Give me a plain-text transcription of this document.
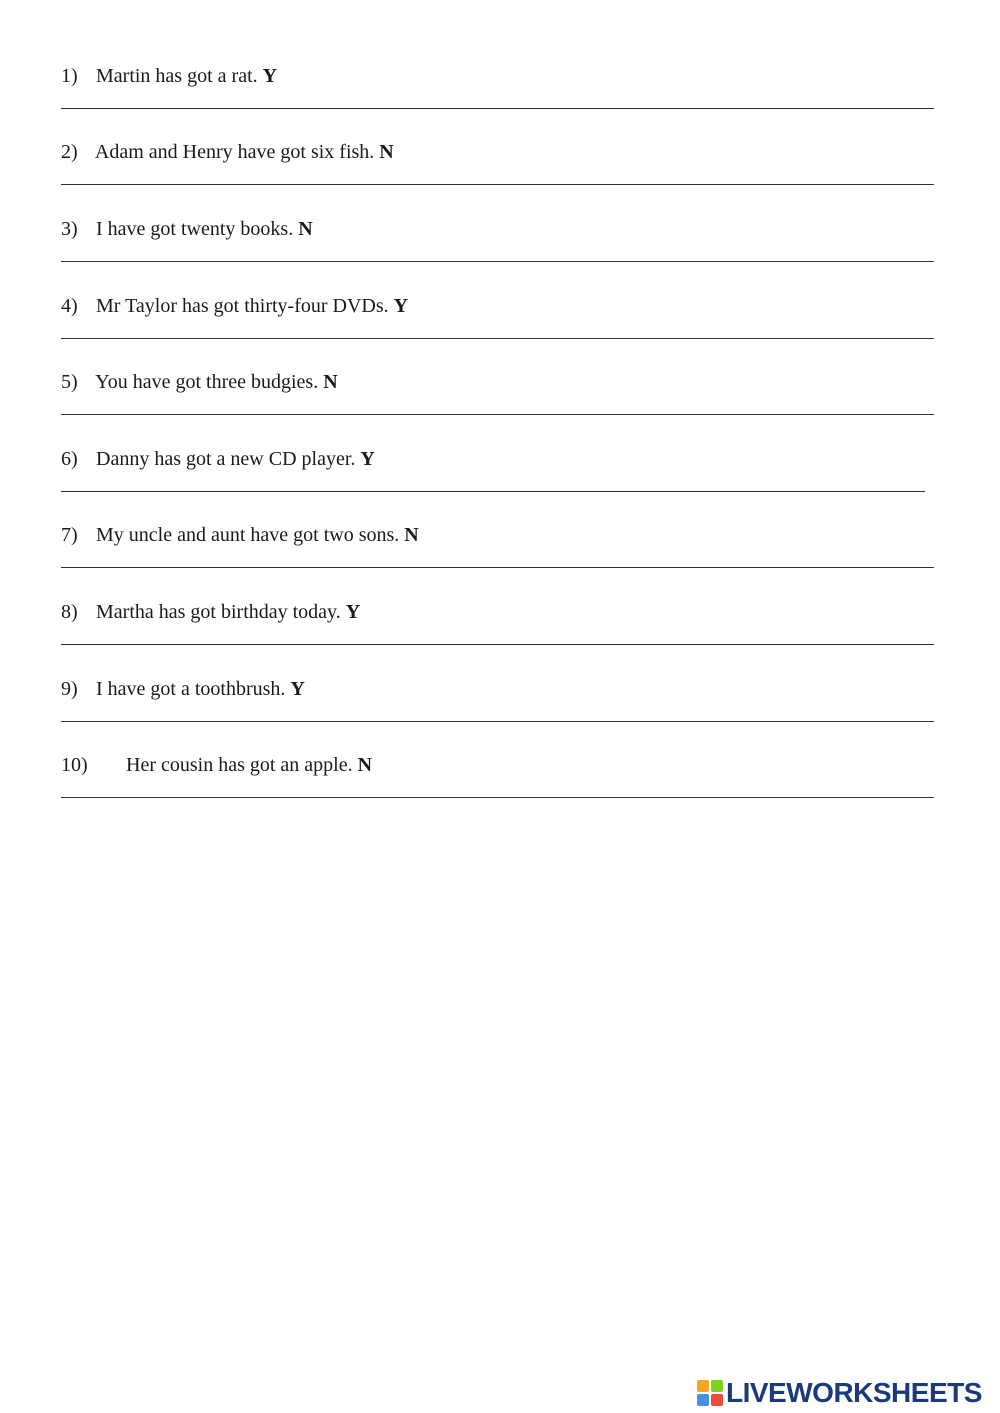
1) Martin has got a rat. Y
2) Adam and Henry have got six fish. N
3) I have got twenty books. N
4) Mr Taylor has got thirty-four DVDs. Y
5) You have got three budgies. N
6) Danny has got a new CD player. Y
7) My uncle and aunt have got two sons. N
8) Martha has got birthday today. Y
9) I have got a toothbrush. Y
10) Her cousin has got an apple. N
LIVEWORKSHEETS
